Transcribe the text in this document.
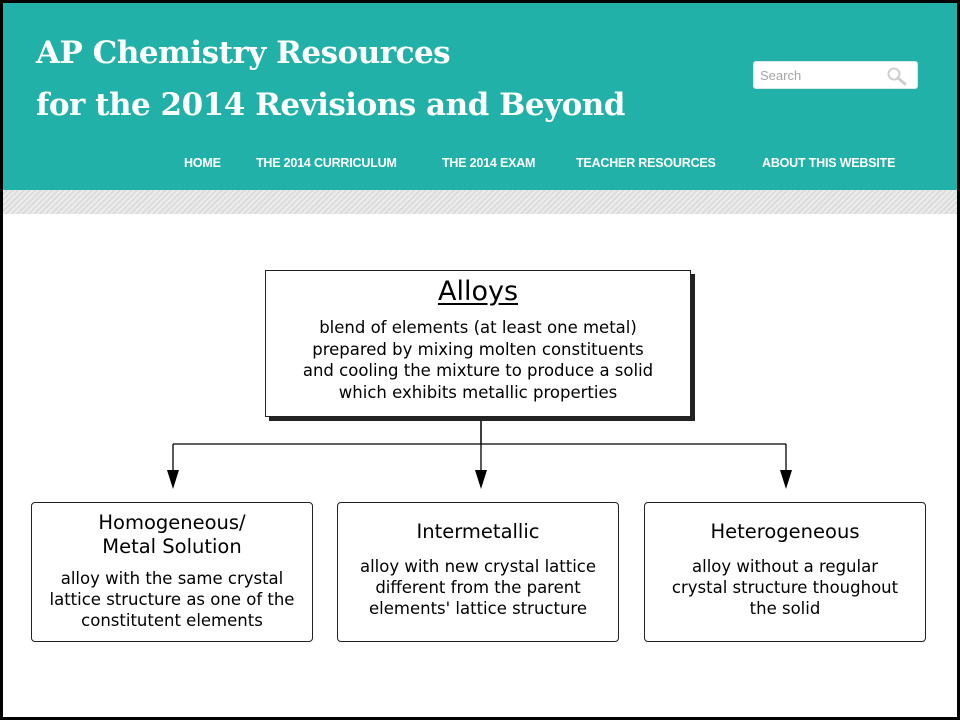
AP Chemistry Resources
for the 2014 Revisions and Beyond
Search
HOME	THE 2014 CURRICULUM	THE 2014 EXAM	TEACHER RESOURCES	ABOUT THIS WEBSITE
Alloys
blend of elements (at least one metal)
prepared by mixing molten constituents
and cooling the mixture to produce a solid
which exhibits metallic properties
Homogeneous/
Metal Solution
alloy with the same crystal
lattice structure as one of the
constitutent elements
Intermetallic
alloy with new crystal lattice
different from the parent
elements' lattice structure
Heterogeneous
alloy without a regular
crystal structure thoughout
the solid
